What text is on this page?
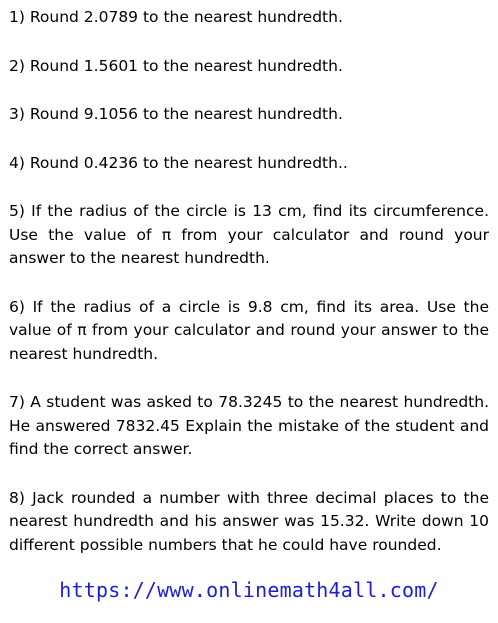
1) Round 2.0789 to the nearest hundredth.

2) Round 1.5601 to the nearest hundredth.

3) Round 9.1056 to the nearest hundredth.

4) Round 0.4236 to the nearest hundredth..

5) If the radius of the circle is 13 cm, find its circumference. Use the value of π from your calculator and round your answer to the nearest hundredth.

6) If the radius of a circle is 9.8 cm, find its area. Use the value of π from your calculator and round your answer to the nearest hundredth.

7) A student was asked to 78.3245 to the nearest hundredth. He answered 7832.45 Explain the mistake of the student and find the correct answer.

8) Jack rounded a number with three decimal places to the nearest hundredth and his answer was 15.32. Write down 10 different possible numbers that he could have rounded.

https://www.onlinemath4all.com/
